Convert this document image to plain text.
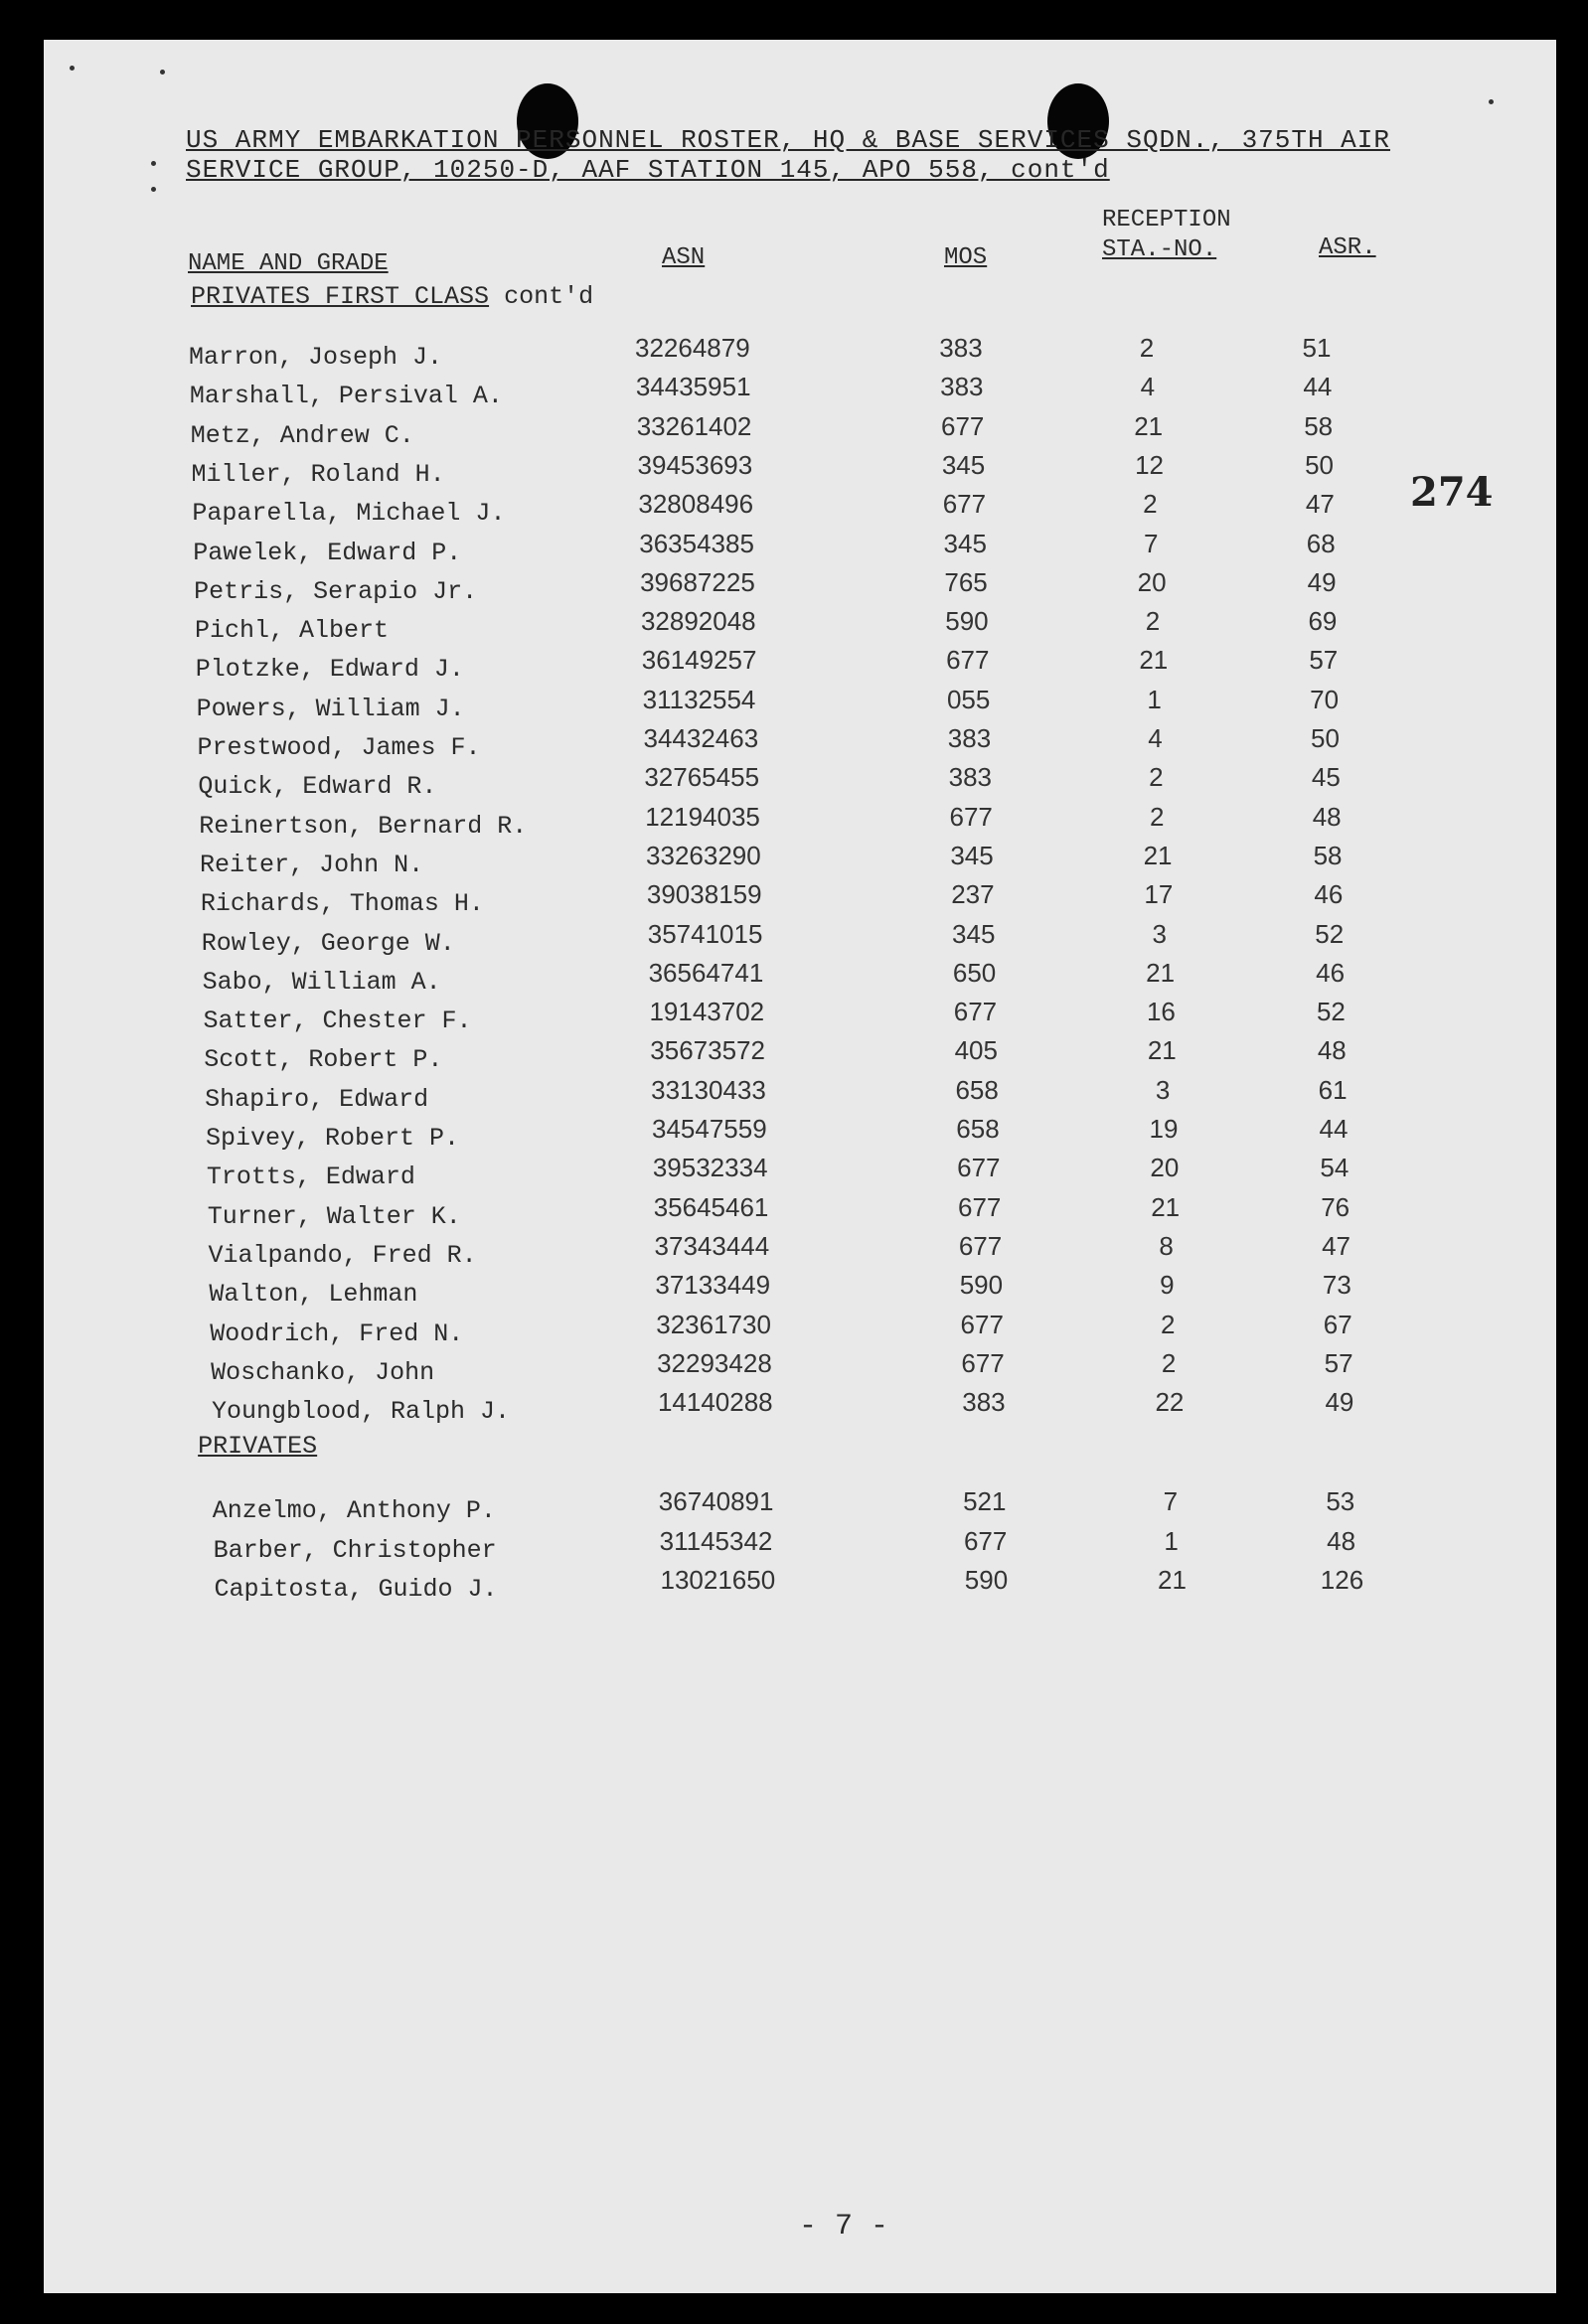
US ARMY EMBARKATION PERSONNEL ROSTER, HQ & BASE SERVICES SQDN., 375TH AIR
SERVICE GROUP, 10250-D, AAF STATION 145, APO 558, cont'd
NAME AND GRADE	ASN	MOS
RECEPTION
STA.-NO.	ASR.
274
PRIVATES FIRST CLASS cont'd
Marron, Joseph J.	32264879	383	2	51
Marshall, Persival A.	34435951	383	4	44
Metz, Andrew C.	33261402	677	21	58
Miller, Roland H.	39453693	345	12	50
Paparella, Michael J.	32808496	677	2	47
Pawelek, Edward P.	36354385	345	7	68
Petris, Serapio Jr.	39687225	765	20	49
Pichl, Albert	32892048	590	2	69
Plotzke, Edward J.	36149257	677	21	57
Powers, William J.	31132554	055	1	70
Prestwood, James F.	34432463	383	4	50
Quick, Edward R.	32765455	383	2	45
Reinertson, Bernard R.	12194035	677	2	48
Reiter, John N.	33263290	345	21	58
Richards, Thomas H.	39038159	237	17	46
Rowley, George W.	35741015	345	3	52
Sabo, William A.	36564741	650	21	46
Satter, Chester F.	19143702	677	16	52
Scott, Robert P.	35673572	405	21	48
Shapiro, Edward	33130433	658	3	61
Spivey, Robert P.	34547559	658	19	44
Trotts, Edward	39532334	677	20	54
Turner, Walter K.	35645461	677	21	76
Vialpando, Fred R.	37343444	677	8	47
Walton, Lehman	37133449	590	9	73
Woodrich, Fred N.	32361730	677	2	67
Woschanko, John	32293428	677	2	57
Youngblood, Ralph J.	14140288	383	22	49
PRIVATES
Anzelmo, Anthony P.	36740891	521	7	53
Barber, Christopher	31145342	677	1	48
Capitosta, Guido J.	13021650	590	21	126
- 7 -
